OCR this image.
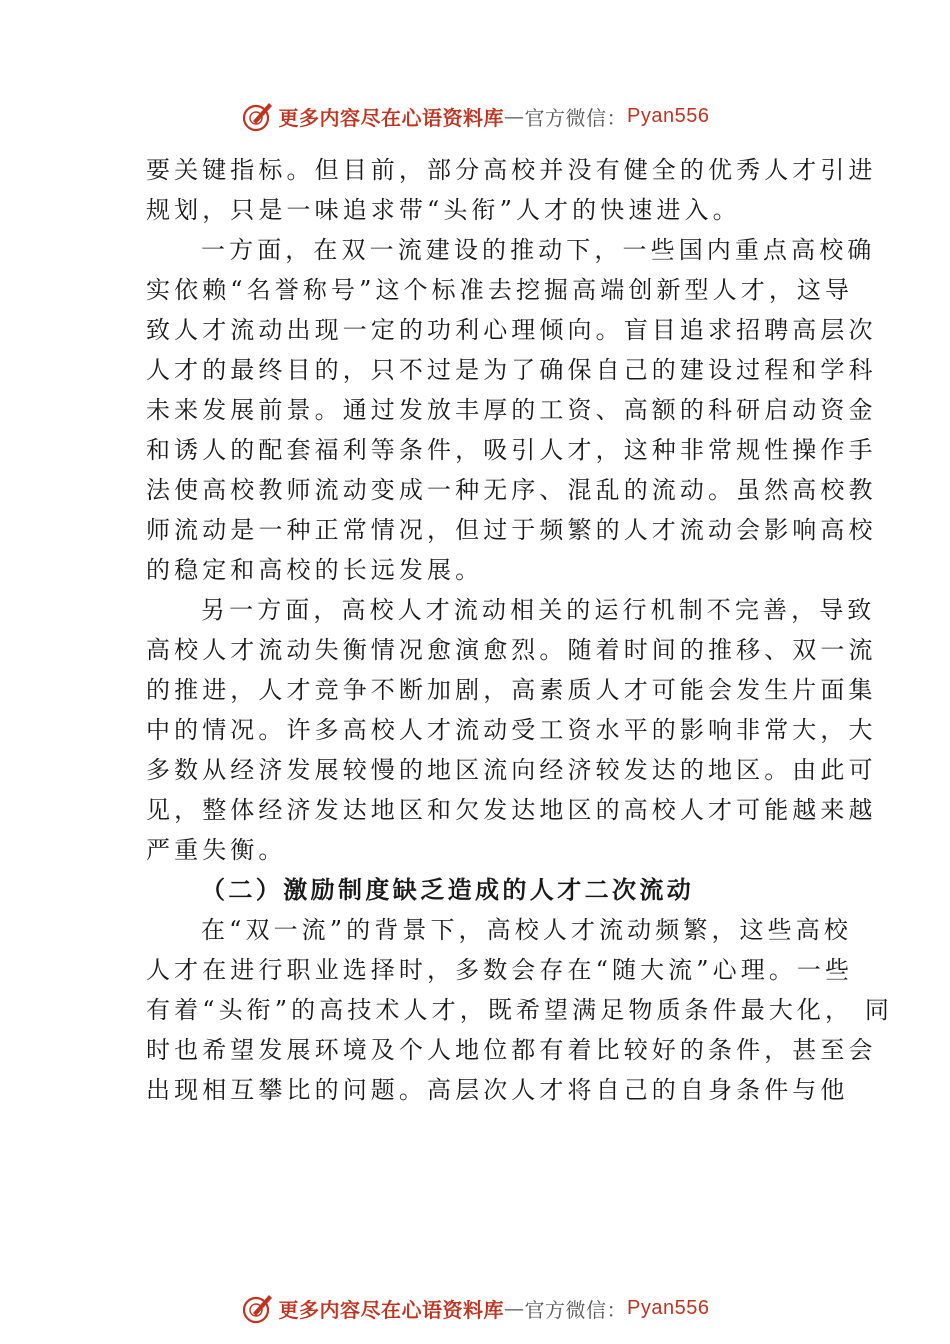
更多内容尽在心语资料库 — 官方微信： Pyan556
要关键指标。但目前，部分高校并没有健全的优秀人才引进
规划，只是一味追求带“头衔”人才的快速进入。
一方面，在双一流建设的推动下，一些国内重点高校确
实依赖“名誉称号”这个标准去挖掘高端创新型人才，这导
致人才流动出现一定的功利心理倾向。盲目追求招聘高层次
人才的最终目的，只不过是为了确保自己的建设过程和学科
未来发展前景。通过发放丰厚的工资、高额的科研启动资金
和诱人的配套福利等条件，吸引人才，这种非常规性操作手
法使高校教师流动变成一种无序、混乱的流动。虽然高校教
师流动是一种正常情况，但过于频繁的人才流动会影响高校
的稳定和高校的长远发展。
另一方面，高校人才流动相关的运行机制不完善，导致
高校人才流动失衡情况愈演愈烈。随着时间的推移、双一流
的推进，人才竞争不断加剧，高素质人才可能会发生片面集
中的情况。许多高校人才流动受工资水平的影响非常大，大
多数从经济发展较慢的地区流向经济较发达的地区。由此可
见，整体经济发达地区和欠发达地区的高校人才可能越来越
严重失衡。
（二）激励制度缺乏造成的人才二次流动
在“双一流”的背景下，高校人才流动频繁，这些高校
人才在进行职业选择时，多数会存在“随大流”心理。一些
有着“头衔”的高技术人才，既希望满足物质条件最大化， 同
时也希望发展环境及个人地位都有着比较好的条件，甚至会
出现相互攀比的问题。高层次人才将自己的自身条件与他
更多内容尽在心语资料库 — 官方微信： Pyan556
